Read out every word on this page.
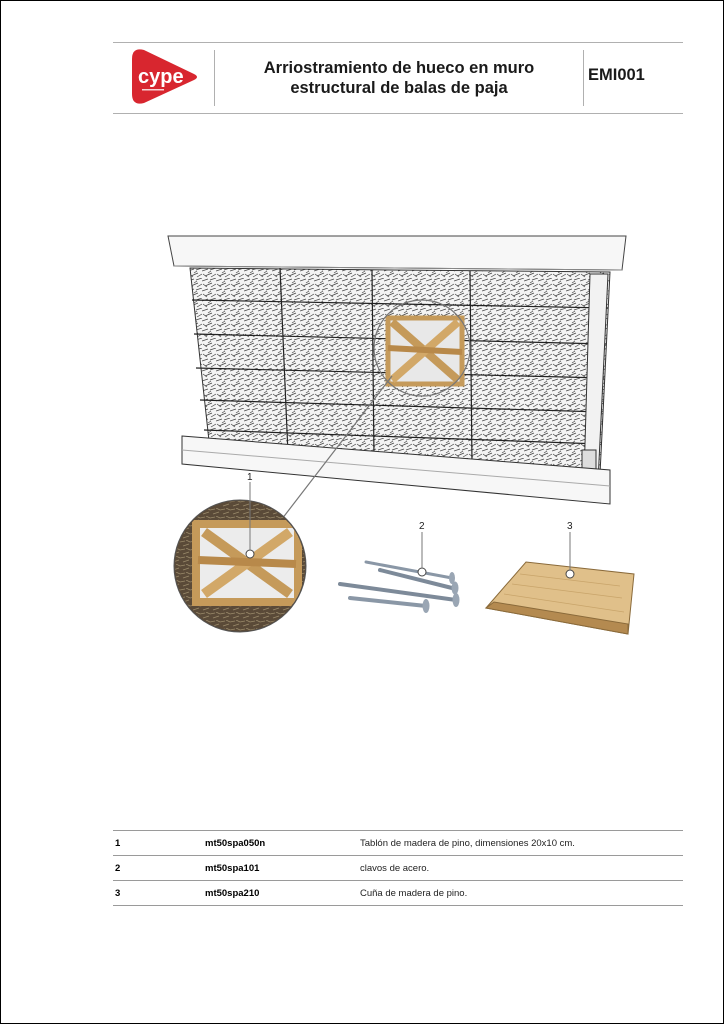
cype	Arriostramiento de hueco en muro
estructural de balas de paja
EMI001
1
2	3
1	mt50spa050n	Tablón de madera de pino, dimensiones 20x10 cm.
2	mt50spa101	clavos de acero.
3	mt50spa210	Cuña de madera de pino.
